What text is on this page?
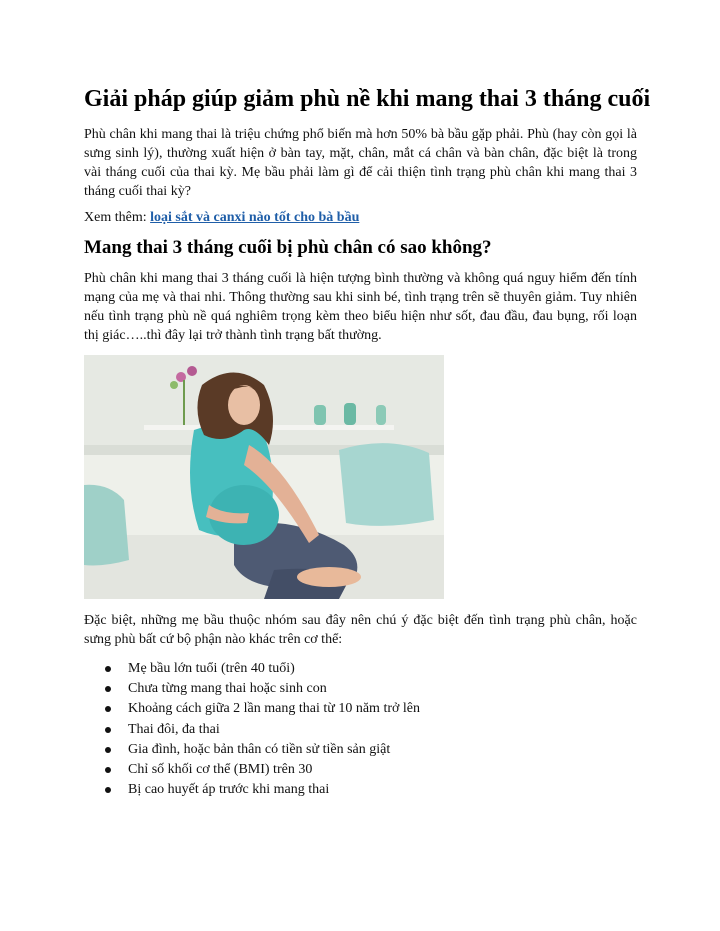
Giải pháp giúp giảm phù nề khi mang thai 3 tháng cuối

Phù chân khi mang thai là triệu chứng phổ biến mà hơn 50% bà bầu gặp phải. Phù (hay còn gọi là sưng sinh lý), thường xuất hiện ở bàn tay, mặt, chân, mắt cá chân và bàn chân, đặc biệt là trong vài tháng cuối của thai kỳ. Mẹ bầu phải làm gì để cải thiện tình trạng phù chân khi mang thai 3 tháng cuối thai kỳ?

Xem thêm: loại sắt và canxi nào tốt cho bà bầu
Mang thai 3 tháng cuối bị phù chân có sao không?

Phù chân khi mang thai 3 tháng cuối là hiện tượng bình thường và không quá nguy hiểm đến tính mạng của mẹ và thai nhi. Thông thường sau khi sinh bé, tình trạng trên sẽ thuyên giảm. Tuy nhiên nếu tình trạng phù nề quá nghiêm trọng kèm theo biểu hiện như sốt, đau đầu, đau bụng, rối loạn thị giác…..thì đây lại trở thành tình trạng bất thường.

Đặc biệt, những mẹ bầu thuộc nhóm sau đây nên chú ý đặc biệt đến tình trạng phù chân, hoặc sưng phù bất cứ bộ phận nào khác trên cơ thể:

Mẹ bầu lớn tuổi (trên 40 tuổi)
Chưa từng mang thai hoặc sinh con
Khoảng cách giữa 2 lần mang thai từ 10 năm trở lên
Thai đôi, đa thai
Gia đình, hoặc bản thân có tiền sử tiền sản giật
Chỉ số khối cơ thể (BMI) trên 30
Bị cao huyết áp trước khi mang thai
